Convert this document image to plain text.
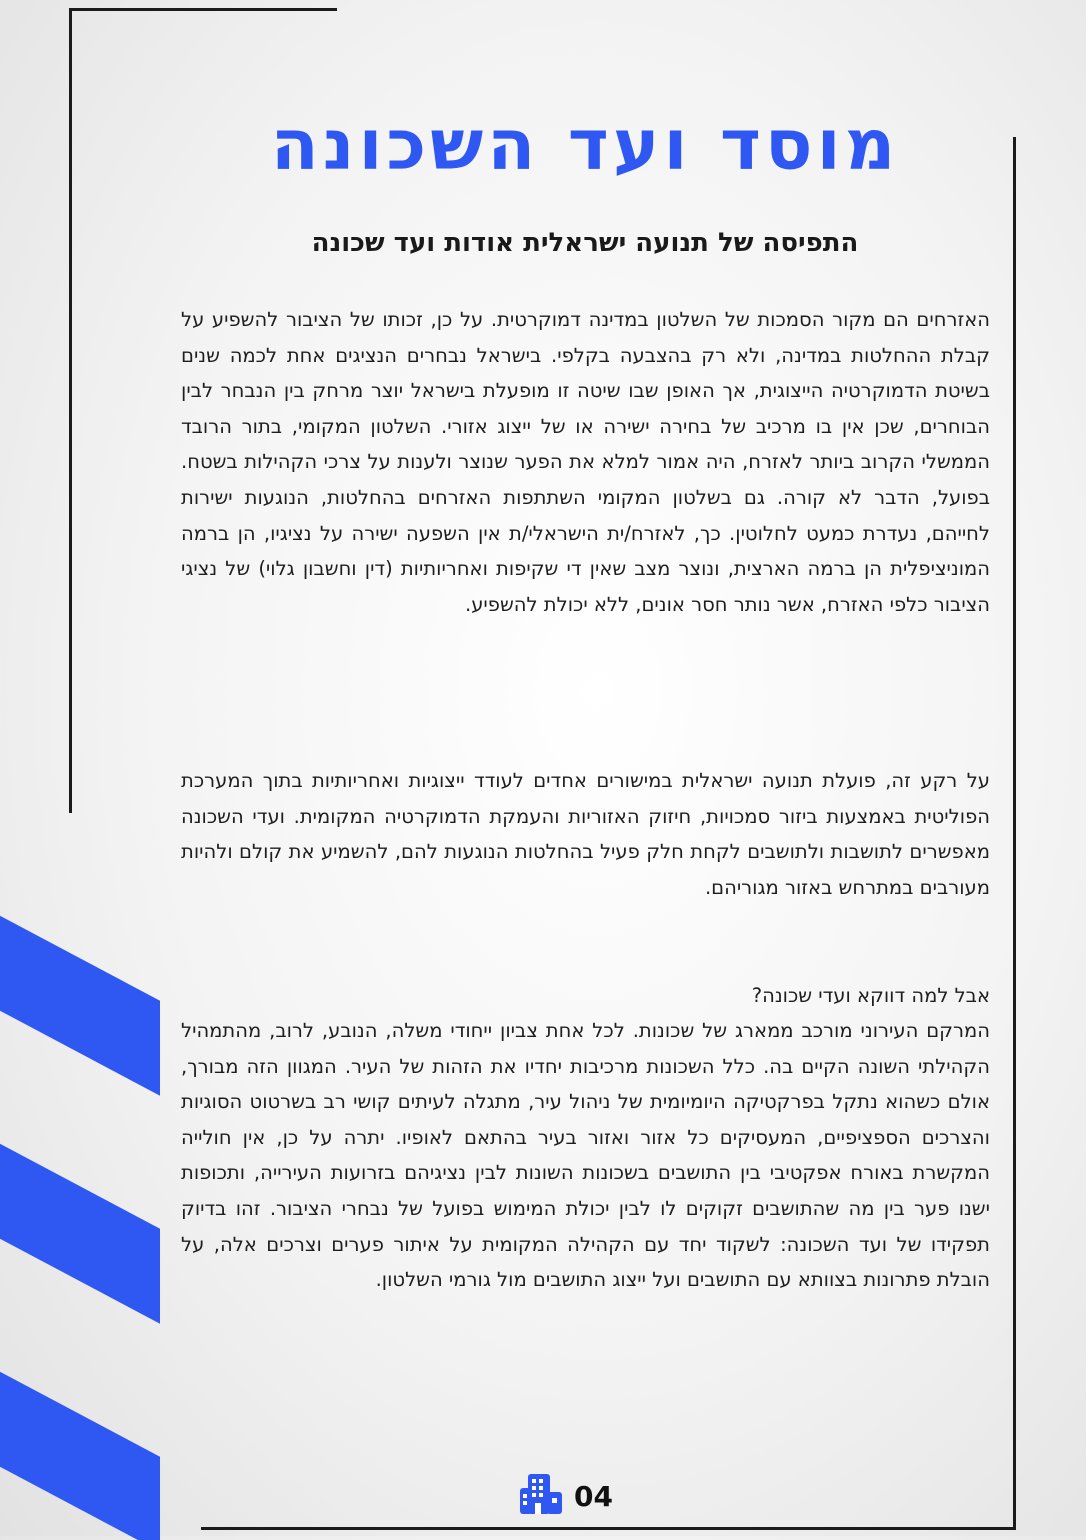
מוסד ועד השכונה
התפיסה של תנועה ישראלית אודות ועד שכונה

האזרחים הם מקור הסמכות של השלטון במדינה דמוקרטית. על כן, זכותו של הציבור להשפיע על קבלת ההחלטות במדינה, ולא רק בהצבעה בקלפי. בישראל נבחרים הנציגים אחת לכמה שנים בשיטת הדמוקרטיה הייצוגית, אך האופן שבו שיטה זו מופעלת בישראל יוצר מרחק בין הנבחר לבין הבוחרים, שכן אין בו מרכיב של בחירה ישירה או של ייצוג אזורי. השלטון המקומי, בתור הרובד הממשלי הקרוב ביותר לאזרח, היה אמור למלא את הפער שנוצר ולענות על צרכי הקהילות בשטח. בפועל, הדבר לא קורה. גם בשלטון המקומי השתתפות האזרחים בהחלטות, הנוגעות ישירות לחייהם, נעדרת כמעט לחלוטין. כך, לאזרח/ית הישראלי/ת אין השפעה ישירה על נציגיו, הן ברמה המוניציפלית הן ברמה הארצית, ונוצר מצב שאין די שקיפות ואחריותיות (דין וחשבון גלוי) של נציגי הציבור כלפי האזרח, אשר נותר חסר אונים, ללא יכולת להשפיע.

על רקע זה, פועלת תנועה ישראלית במישורים אחדים לעודד ייצוגיות ואחריותיות בתוך המערכת הפוליטית באמצעות ביזור סמכויות, חיזוק האזוריות והעמקת הדמוקרטיה המקומית. ועדי השכונה מאפשרים לתושבות ולתושבים לקחת חלק פעיל בהחלטות הנוגעות להם, להשמיע את קולם ולהיות מעורבים במתרחש באזור מגוריהם.

אבל למה דווקא ועדי שכונה?

המרקם העירוני מורכב ממארג של שכונות. לכל אחת צביון ייחודי משלה, הנובע, לרוב, מהתמהיל הקהילתי השונה הקיים בה. כלל השכונות מרכיבות יחדיו את הזהות של העיר. המגוון הזה מבורך, אולם כשהוא נתקל בפרקטיקה היומיומית של ניהול עיר, מתגלה לעיתים קושי רב בשרטוט הסוגיות והצרכים הספציפיים, המעסיקים כל אזור ואזור בעיר בהתאם לאופיו. יתרה על כן, אין חולייה המקשרת באורח אפקטיבי בין התושבים בשכונות השונות לבין נציגיהם בזרועות העירייה, ותכופות ישנו פער בין מה שהתושבים זקוקים לו לבין יכולת המימוש בפועל של נבחרי הציבור. זהו בדיוק תפקידו של ועד השכונה: לשקוד יחד עם הקהילה המקומית על איתור פערים וצרכים אלה, על הובלת פתרונות בצוותא עם התושבים ועל ייצוג התושבים מול גורמי השלטון.

04
